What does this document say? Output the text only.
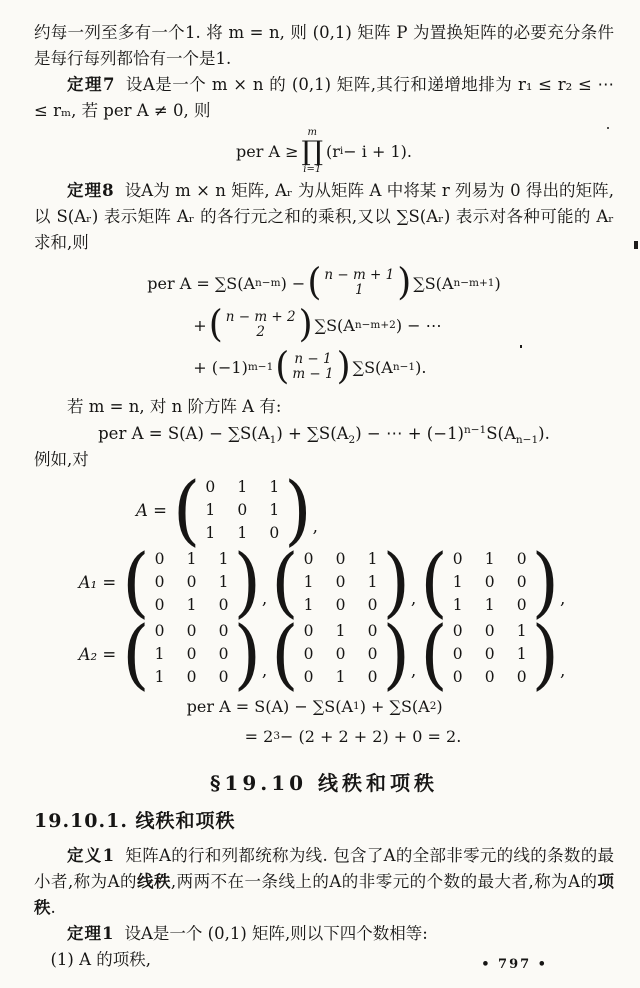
约每一列至多有一个1. 将 m = n, 则 (0,1) 矩阵 P 为置换矩阵的必要充分条件是每行每列都恰有一个是1.

定理7 设A是一个 m × n 的 (0,1) 矩阵,其行和递增地排为 r₁ ≤ r₂ ≤ ⋯ ≤ rₘ, 若 per A ≠ 0, 则

per A ≥
m
∏
i=1
(r i − i + 1).

定理8 设A为 m × n 矩阵, Aᵣ 为从矩阵 A 中将某 r 列易为 0 得出的矩阵,以 S(Aᵣ) 表示矩阵 Aᵣ 的各行元之和的乘积,又以 ∑S(Aᵣ) 表示对各种可能的 Aᵣ 求和,则

per A = ∑S(A n−m ) − ( n − m + 1
1
)	∑S(A n−m+1 )
+ ( n − m + 2
2
)	∑S(A n−m+2 ) − ⋯
+ (−1) m−1 ( n − 1
m − 1
) ∑S(A n−1 ).

若 m = n, 对 n 阶方阵 A 有:

per $A = S(A) - \sum S(A_1) + \sum S(A_2)$ − ⋯ + $(-1)^{n-1}S(A_{n-1})$.

例如,对

A =
( 0 1 1
1 0 1
1 1 0
) ,
A₁ =
( 0 1 1
0 0 1
0 1 0
) ,
( 0 0 1
1 0 1
1 0 0
) ,
( 0 1 0
1 0 0
1 1 0
) ,
A₂ =
( 0 0 0
1 0 0
1 0 0
) ,
( 0 1 0
0 0 0
0 1 0
) ,
( 0 0 1
0 0 1
0 0 0
) ,
per A = S(A) − ∑S(A 1 ) + ∑S(A 2 )
= 2 3 − (2 + 2 + 2) + 0 = 2.
§19.10 线秩和项秩
19.10.1. 线秩和项秩

定义1 矩阵A的行和列都统称为线. 包含了A的全部非零元的线的条数的最小者,称为A的线秩,两两不在一条线上的A的非零元的个数的最大者,称为A的项秩.

定理1 设A是一个 (0,1) 矩阵,则以下四个数相等:

(1) A 的项秩,	• 797 •
